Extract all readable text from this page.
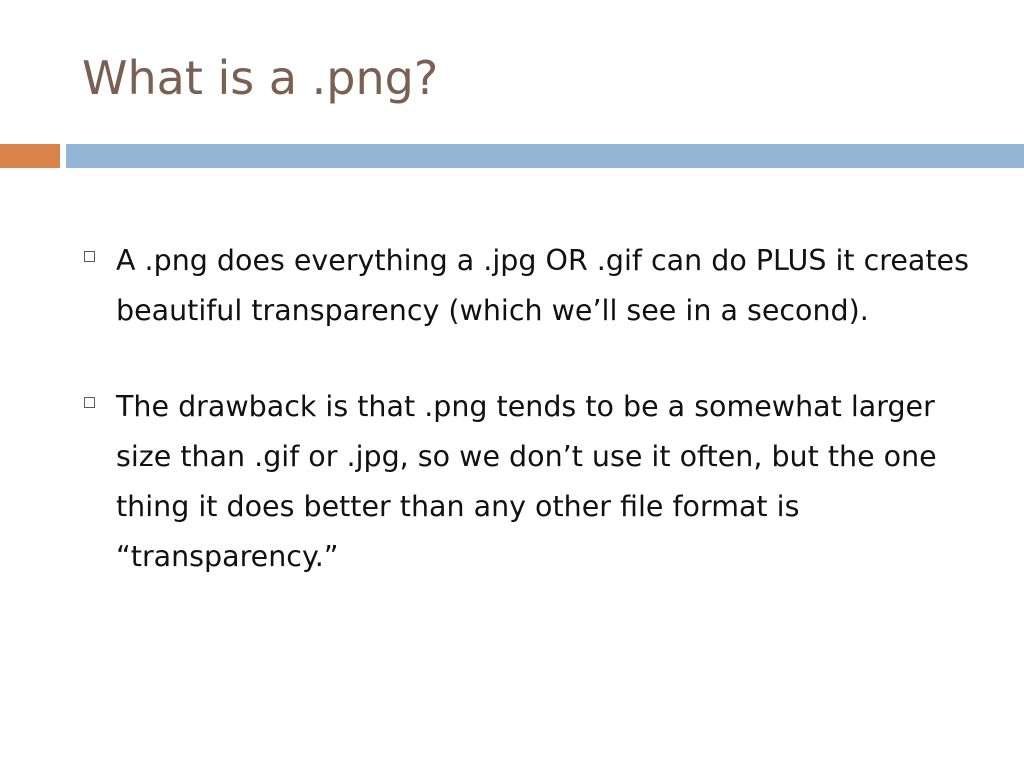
What is a .png?
A .png does everything a .jpg OR .gif can do PLUS it creates beautiful transparency (which we’ll see in a second).
The drawback is that .png tends to be a somewhat larger size than .gif or .jpg, so we don’t use it often, but the one thing it does better than any other file format is “transparency.”
